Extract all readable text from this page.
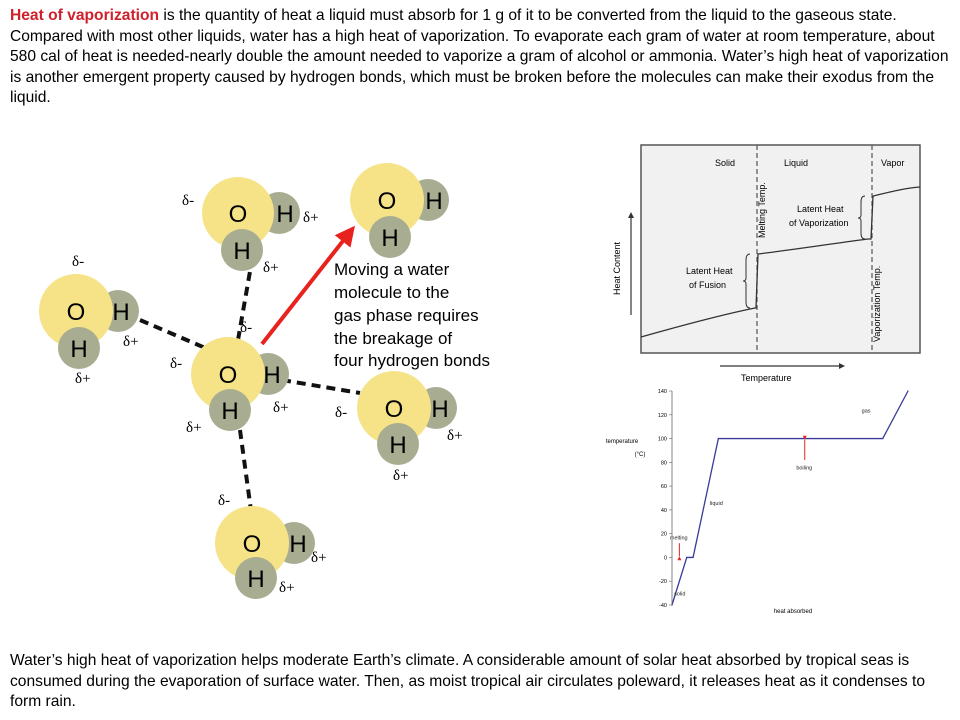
Heat of vaporization is the quantity of heat a liquid must absorb for 1 g of it to be converted from the liquid to the gaseous state. Compared with most other liquids, water has a high heat of vaporization. To evaporate each gram of water at room temperature, about 580 cal of heat is needed-nearly double the amount needed to vaporize a gram of alcohol or ammonia. Water’s high heat of vaporization is another emergent property caused by hydrogen bonds, which must be broken before the molecules can make their exodus from the liquid.
O H
H
δ-
δ+
δ+
O H
H
δ-
δ+
δ+	O H
H
δ-
δ-
δ+
δ+
O H
H
O H
H
δ-
δ+
δ+
O H
H
δ-
δ+
δ+
Moving a water
molecule to the
gas phase requires
the breakage of
four hydrogen bonds
Solid	Liquid	Vapor
Melting Temp.
Vaporization Temp.
Latent Heat
of Fusion
Latent Heat
of Vaporization
Heat Content
Temperature
-40
-20
0
20
40
60
80
100
120
140
melting
solid
liquid
boiling
gas
temperature
(°C)
heat absorbed
Water’s high heat of vaporization helps moderate Earth’s climate. A considerable amount of solar heat absorbed by tropical seas is consumed during the evaporation of surface water. Then, as moist tropical air circulates poleward, it releases heat as it condenses to form rain.
